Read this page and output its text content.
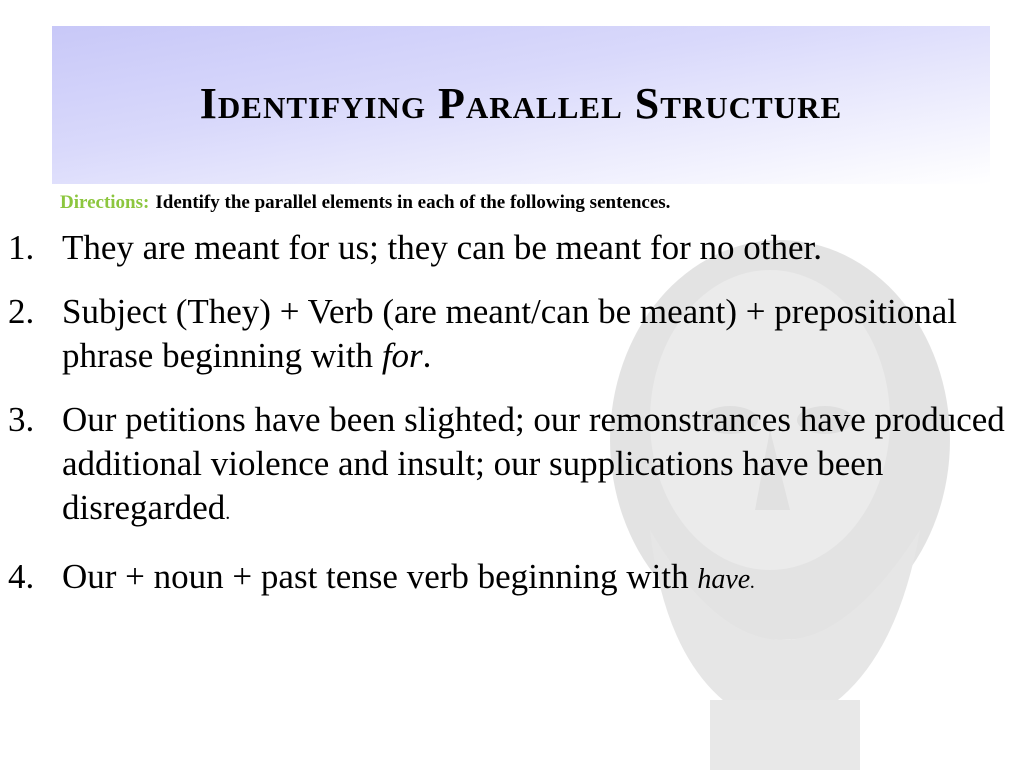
Identifying Parallel Structure
Directions: Identify the parallel elements in each of the following sentences.
1. They are meant for us; they can be meant for no other.
2. Subject (They) + Verb (are meant/can be meant) + prepositional phrase beginning with for.
3. Our petitions have been slighted; our remonstrances have produced additional violence and insult; our supplications have been disregarded.
4. Our + noun + past tense verb beginning with have.
